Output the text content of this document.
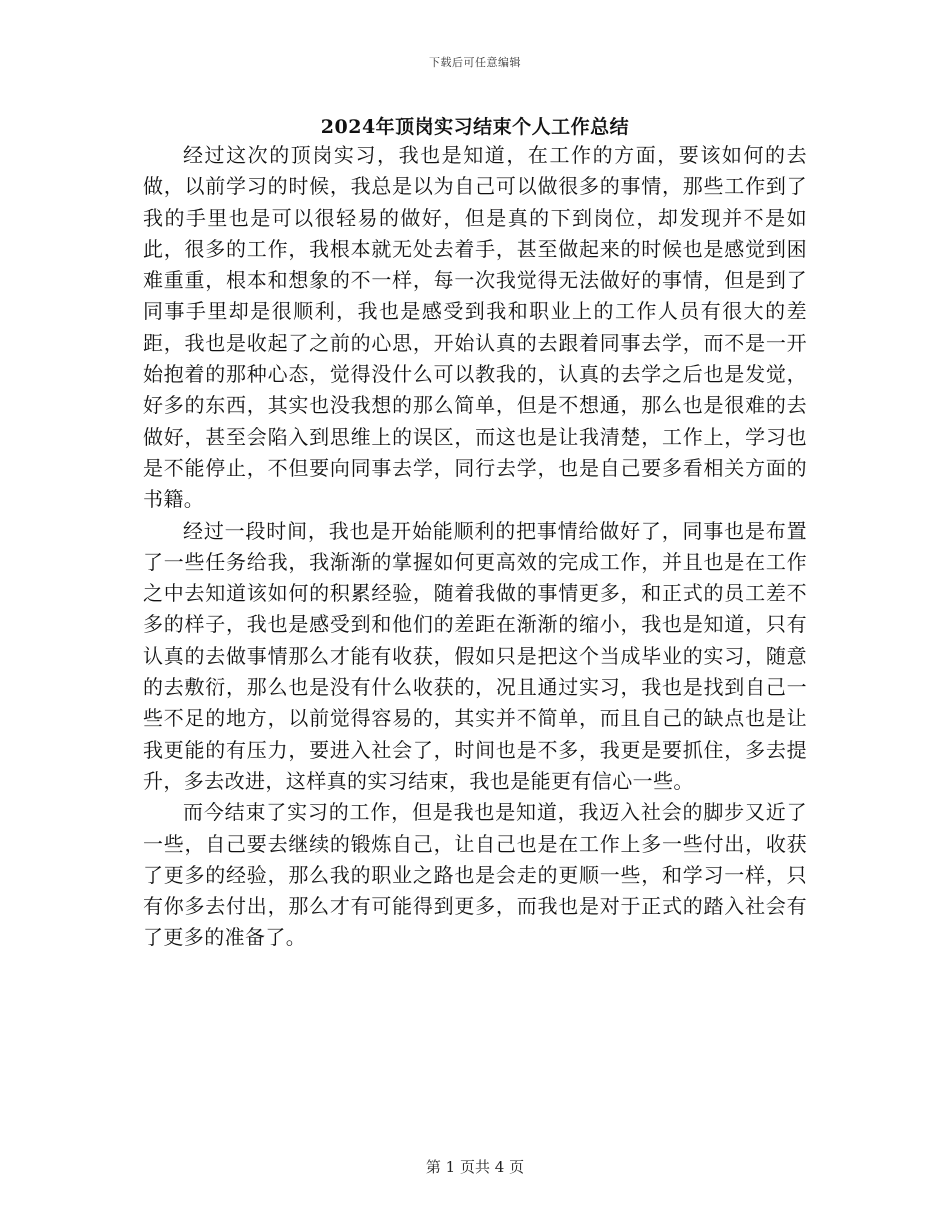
下载后可任意编辑
2024年顶岗实习结束个人工作总结

经过这次的顶岗实习，我也是知道，在工作的方面，要该如何的去做，以前学习的时候，我总是以为自己可以做很多的事情，那些工作到了我的手里也是可以很轻易的做好，但是真的下到岗位，却发现并不是如此，很多的工作，我根本就无处去着手，甚至做起来的时候也是感觉到困难重重，根本和想象的不一样，每一次我觉得无法做好的事情，但是到了同事手里却是很顺利，我也是感受到我和职业上的工作人员有很大的差距，我也是收起了之前的心思，开始认真的去跟着同事去学，而不是一开始抱着的那种心态，觉得没什么可以教我的，认真的去学之后也是发觉，好多的东西，其实也没我想的那么简单，但是不想通，那么也是很难的去做好，甚至会陷入到思维上的误区，而这也是让我清楚，工作上，学习也是不能停止，不但要向同事去学，同行去学，也是自己要多看相关方面的书籍。

经过一段时间，我也是开始能顺利的把事情给做好了，同事也是布置了一些任务给我，我渐渐的掌握如何更高效的完成工作，并且也是在工作之中去知道该如何的积累经验，随着我做的事情更多，和正式的员工差不多的样子，我也是感受到和他们的差距在渐渐的缩小，我也是知道，只有认真的去做事情那么才能有收获，假如只是把这个当成毕业的实习，随意的去敷衍，那么也是没有什么收获的，况且通过实习，我也是找到自己一些不足的地方，以前觉得容易的，其实并不简单，而且自己的缺点也是让我更能的有压力，要进入社会了，时间也是不多，我更是要抓住，多去提升，多去改进，这样真的实习结束，我也是能更有信心一些。

而今结束了实习的工作，但是我也是知道，我迈入社会的脚步又近了一些，自己要去继续的锻炼自己，让自己也是在工作上多一些付出，收获了更多的经验，那么我的职业之路也是会走的更顺一些，和学习一样，只有你多去付出，那么才有可能得到更多，而我也是对于正式的踏入社会有了更多的准备了。

第 1 页共 4 页
